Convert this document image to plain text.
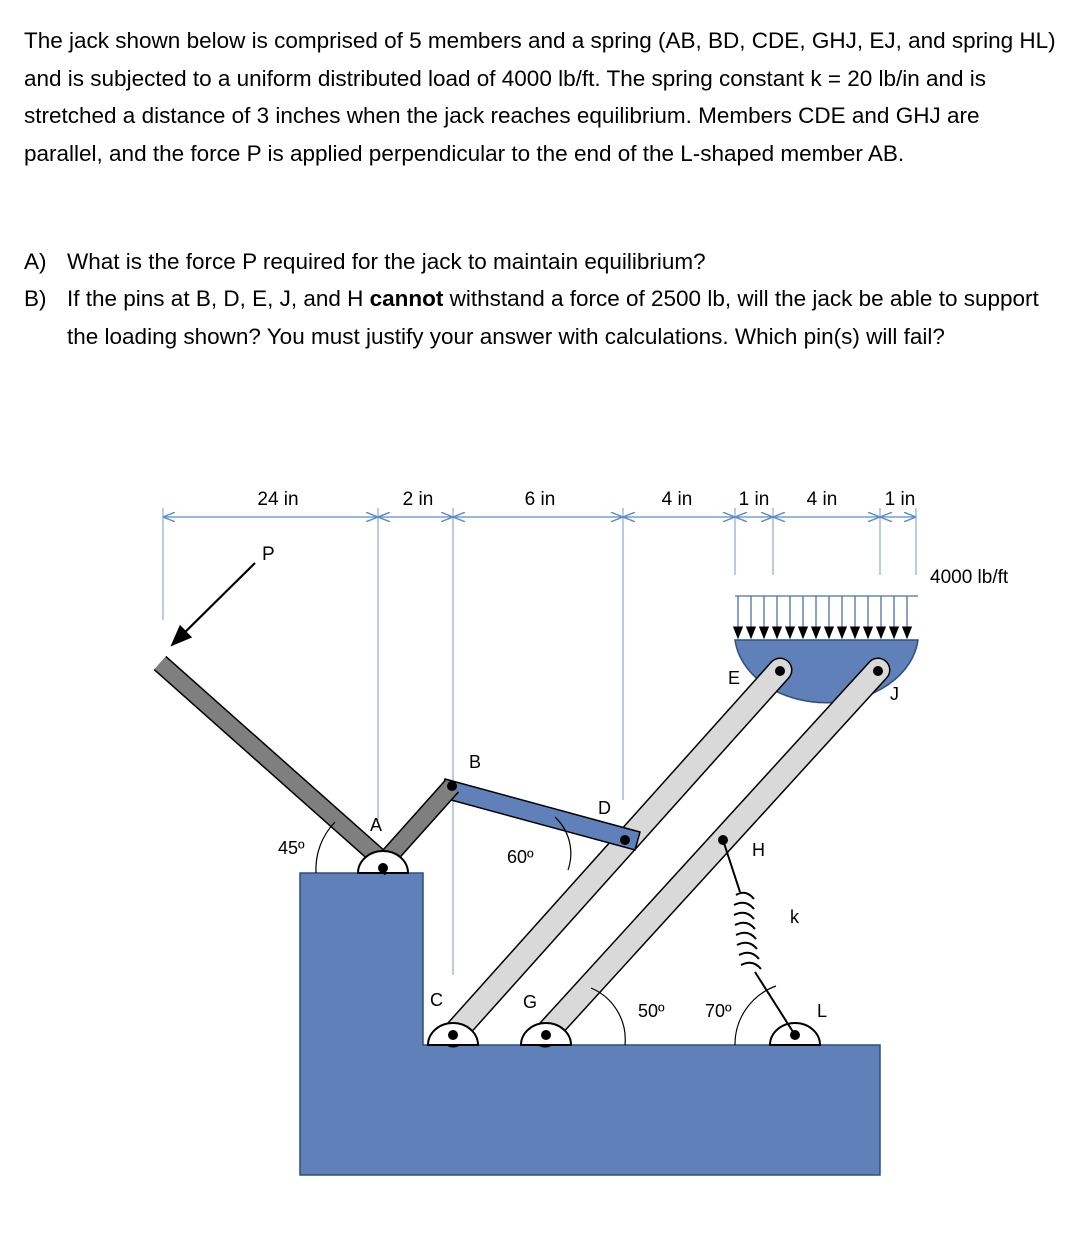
The jack shown below is comprised of 5 members and a spring (AB, BD, CDE, GHJ, EJ, and spring HL) and is subjected to a uniform distributed load of 4000 lb/ft. The spring constant k = 20 lb/in and is stretched a distance of 3 inches when the jack reaches equilibrium. Members CDE and GHJ are parallel, and the force P is applied perpendicular to the end of the L-shaped member AB.

A) What is the force P required for the jack to maintain equilibrium?
B) If the pins at B, D, E, J, and H cannot withstand a force of 2500 lb, will the jack be able to support the loading shown? You must justify your answer with calculations. Which pin(s) will fail?
24 in	2 in	6 in	4 in 1 in 4 in 1 in
4000 lb/ft
P
45º	60º
50º 70º
A
B
C
D
E
G
H
J
L
k
